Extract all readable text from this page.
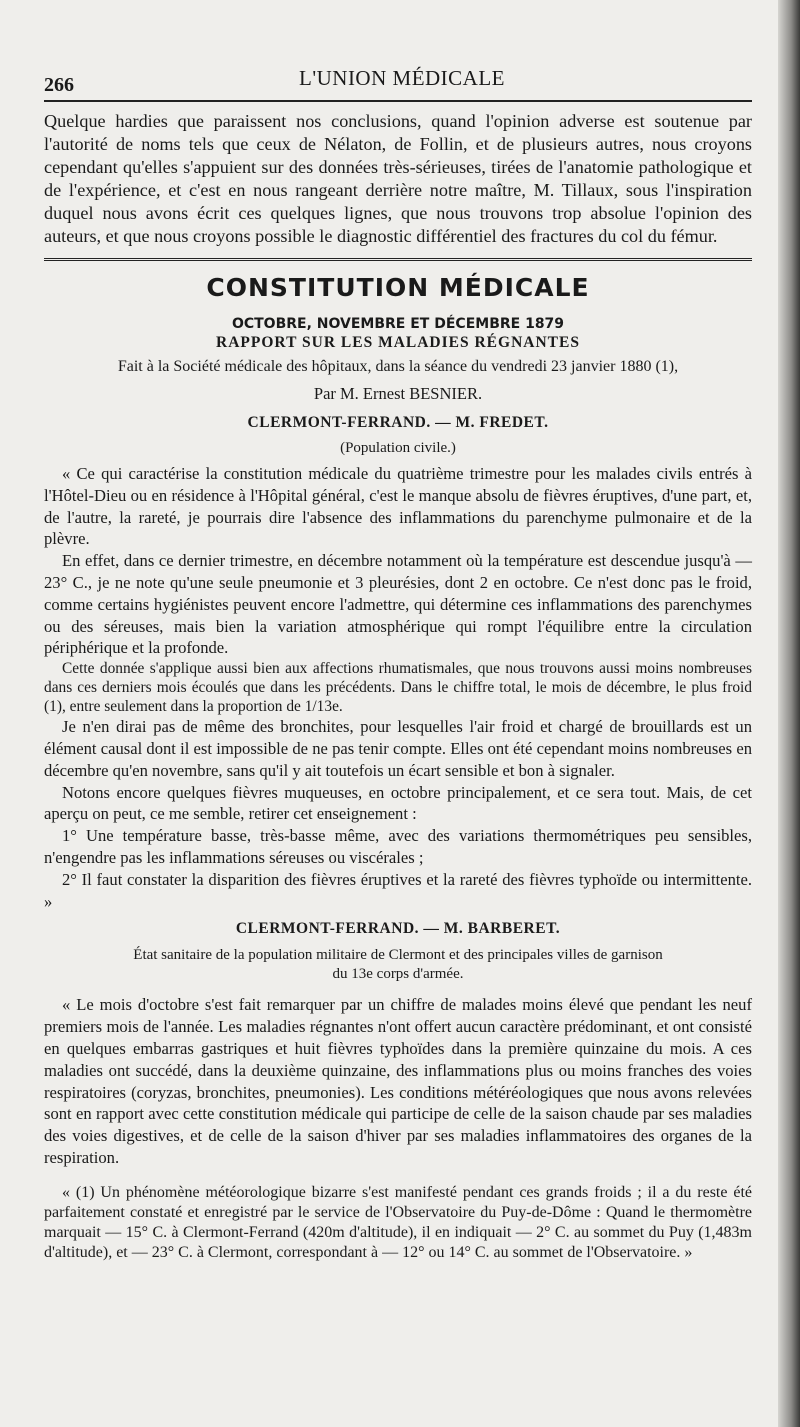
266	L'UNION MÉDICALE

Quelque hardies que paraissent nos conclusions, quand l'opinion adverse est soutenue par l'autorité de noms tels que ceux de Nélaton, de Follin, et de plusieurs autres, nous croyons cependant qu'elles s'appuient sur des données très-sérieuses, tirées de l'anatomie pathologique et de l'expérience, et c'est en nous rangeant derrière notre maître, M. Tillaux, sous l'inspiration duquel nous avons écrit ces quelques lignes, que nous trouvons trop absolue l'opinion des auteurs, et que nous croyons possible le diagnostic différentiel des fractures du col du fémur.

CONSTITUTION MÉDICALE
OCTOBRE, NOVEMBRE ET DÉCEMBRE 1879
RAPPORT SUR LES MALADIES RÉGNANTES
Fait à la Société médicale des hôpitaux, dans la séance du vendredi 23 janvier 1880 (1),
Par M. Ernest BESNIER.
CLERMONT-FERRAND. — M. FREDET.
(Population civile.)

« Ce qui caractérise la constitution médicale du quatrième trimestre pour les malades civils entrés à l'Hôtel-Dieu ou en résidence à l'Hôpital général, c'est le manque absolu de fièvres éruptives, d'une part, et, de l'autre, la rareté, je pourrais dire l'absence des inflammations du parenchyme pulmonaire et de la plèvre.

En effet, dans ce dernier trimestre, en décembre notamment où la température est descendue jusqu'à — 23° C., je ne note qu'une seule pneumonie et 3 pleurésies, dont 2 en octobre. Ce n'est donc pas le froid, comme certains hygiénistes peuvent encore l'admettre, qui détermine ces inflammations des parenchymes ou des séreuses, mais bien la variation atmosphérique qui rompt l'équilibre entre la circulation périphérique et la profonde.

Cette donnée s'applique aussi bien aux affections rhumatismales, que nous trouvons aussi moins nombreuses dans ces derniers mois écoulés que dans les précédents. Dans le chiffre total, le mois de décembre, le plus froid (1), entre seulement dans la proportion de 1/13e.

Je n'en dirai pas de même des bronchites, pour lesquelles l'air froid et chargé de brouillards est un élément causal dont il est impossible de ne pas tenir compte. Elles ont été cependant moins nombreuses en décembre qu'en novembre, sans qu'il y ait toutefois un écart sensible et bon à signaler.

Notons encore quelques fièvres muqueuses, en octobre principalement, et ce sera tout. Mais, de cet aperçu on peut, ce me semble, retirer cet enseignement :

1° Une température basse, très-basse même, avec des variations thermométriques peu sensibles, n'engendre pas les inflammations séreuses ou viscérales ;

2° Il faut constater la disparition des fièvres éruptives et la rareté des fièvres typhoïde ou intermittente. »

CLERMONT-FERRAND. — M. BARBERET.
État sanitaire de la population militaire de Clermont et des principales villes de garnison
du 13e corps d'armée.

« Le mois d'octobre s'est fait remarquer par un chiffre de malades moins élevé que pendant les neuf premiers mois de l'année. Les maladies régnantes n'ont offert aucun caractère prédominant, et ont consisté en quelques embarras gastriques et huit fièvres typhoïdes dans la première quinzaine du mois. A ces maladies ont succédé, dans la deuxième quinzaine, des inflammations plus ou moins franches des voies respiratoires (coryzas, bronchites, pneumonies). Les conditions météréologiques que nous avons relevées sont en rapport avec cette constitution médicale qui participe de celle de la saison chaude par ses maladies des voies digestives, et de celle de la saison d'hiver par ses maladies inflammatoires des organes de la respiration.

« (1) Un phénomène météorologique bizarre s'est manifesté pendant ces grands froids ; il a du reste été parfaitement constaté et enregistré par le service de l'Observatoire du Puy-de-Dôme : Quand le thermomètre marquait — 15° C. à Clermont-Ferrand (420m d'altitude), il en indiquait — 2° C. au sommet du Puy (1,483m d'altitude), et — 23° C. à Clermont, correspondant à — 12° ou 14° C. au sommet de l'Observatoire. »
